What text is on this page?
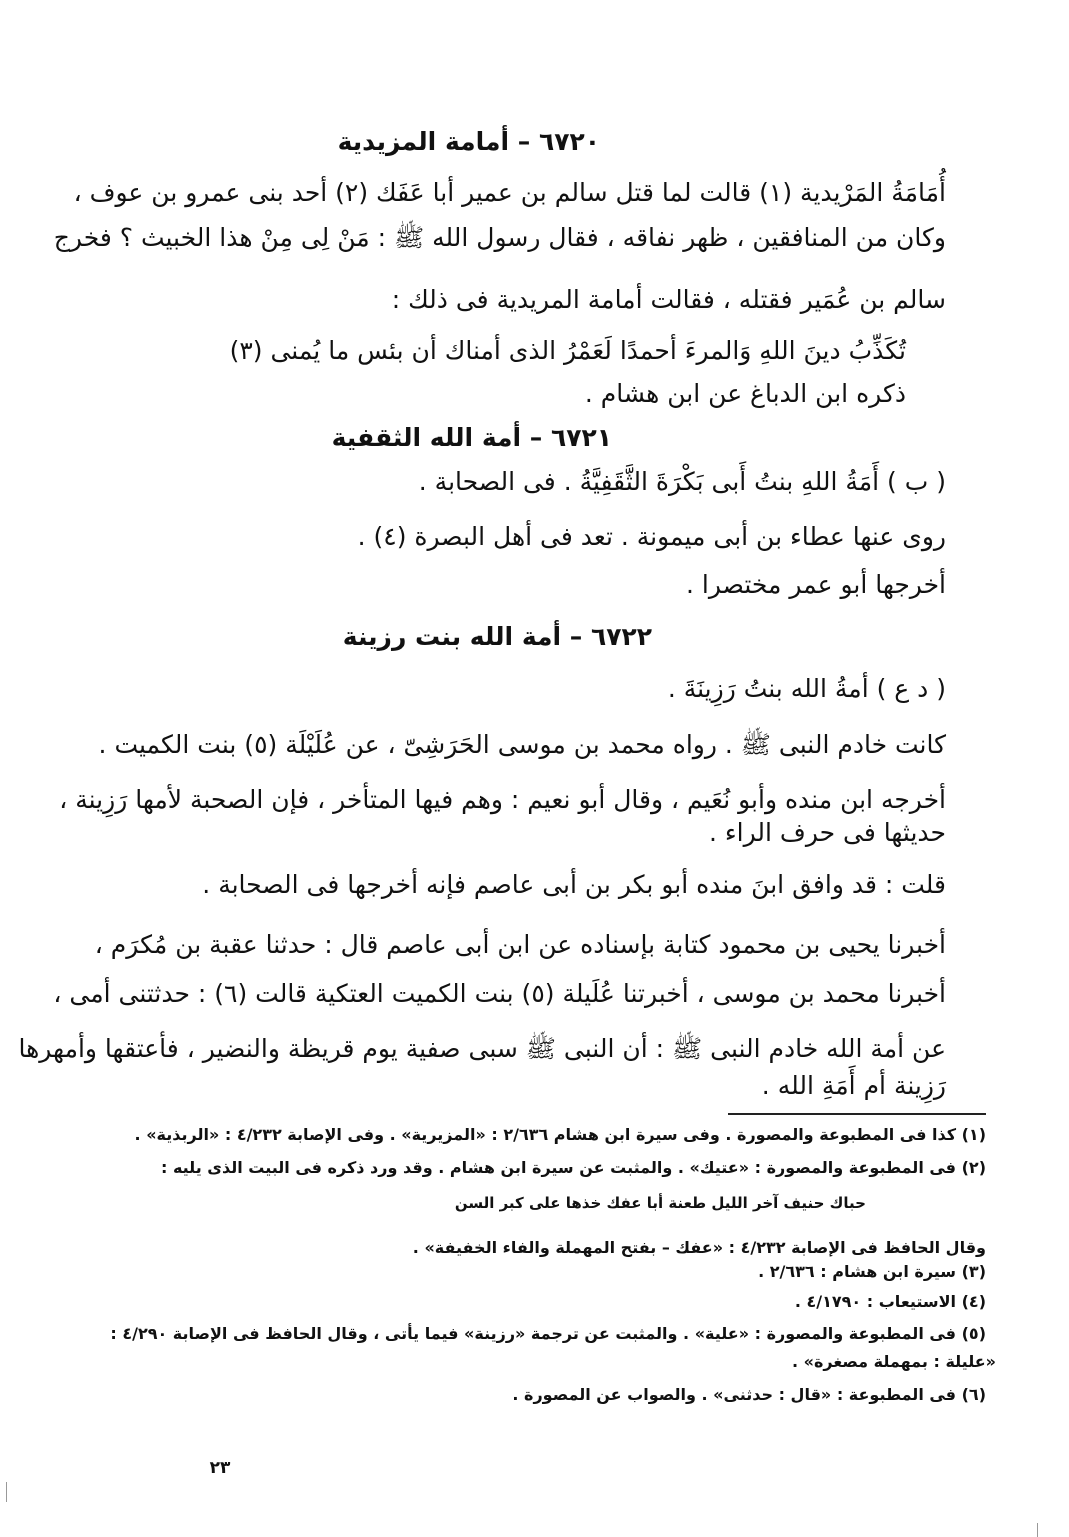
٦٧٢٠ – أمامة المزيدية
أُمَامَةُ المَرْيدية (١) قالت لما قتل سالم بن عمير أبا عَفَك (٢) أحد بنى عمرو بن عوف ،
وكان من المنافقين ، ظهر نفاقه ، فقال رسول الله ﷺ : مَنْ لِى مِنْ هذا الخبيث ؟ فخرج
سالم بن عُمَير فقتله ، فقالت أمامة المريدية فى ذلك :
تُكَذِّبُ دينَ اللهِ وَالمرءَ أحمدًا لَعَمْرُ الذى أمناك أن بئس ما يُمنى (٣)
ذكره ابن الدباغ عن ابن هشام .
٦٧٢١ – أمة الله الثقفية
( ب ) أَمَةُ اللهِ بنتُ أَبى بَكْرَةَ الثَّقَفِيَّةُ . فى الصحابة .
روى عنها عطاء بن أبى ميمونة . تعد فى أهل البصرة (٤) .
أخرجها أبو عمر مختصرا .
٦٧٢٢ – أمة الله بنت رزينة
( د ع ) أمةُ الله بنتُ رَزِينَةَ .
كانت خادم النبى ﷺ . رواه محمد بن موسى الحَرَشِىّ ، عن عُلَيْلَة (٥) بنت الكميت .
أخرجه ابن منده وأبو نُعَيم ، وقال أبو نعيم : وهم فيها المتأخر ، فإن الصحبة لأمها رَزِينة ،
حديثها فى حرف الراء .
قلت : قد وافق ابنَ منده أبو بكر بن أبى عاصم فإنه أخرجها فى الصحابة .
أخبرنا يحيى بن محمود كتابة بإسناده عن ابن أبى عاصم قال : حدثنا عقبة بن مُكرَم ،
أخبرنا محمد بن موسى ، أخبرتنا عُلَيلة (٥) بنت الكميت العتكية قالت (٦) : حدثتنى أمى ،
عن أمة الله خادم النبى ﷺ : أن النبى ﷺ سبى صفية يوم قريظة والنضير ، فأعتقها وأمهرها
رَزِينة أم أَمَةِ الله .
(١) كذا فى المطبوعة والمصورة . وفى سيرة ابن هشام ٢/٦٣٦ : «المزيرية» . وفى الإصابة ٤/٢٣٢ : «الربذية» .
(٢) فى المطبوعة والمصورة : «عتيك» . والمثبت عن سيرة ابن هشام . وقد ورد ذكره فى البيت الذى يليه :
حباك حنيف آخر الليل طعنة أبا عفك خذها على كبر السن
وقال الحافظ فى الإصابة ٤/٢٣٢ : «عفك – بفتح المهملة والفاء الخفيفة» .
(٣) سيرة ابن هشام : ٢/٦٣٦ .
(٤) الاستيعاب : ٤/١٧٩٠ .
(٥) فى المطبوعة والمصورة : «علية» . والمثبت عن ترجمة «رزينة» فيما يأتى ، وقال الحافظ فى الإصابة ٤/٢٩٠ :
«عليلة : بمهملة مصغرة» .
(٦) فى المطبوعة : «قال : حدثنى» . والصواب عن المصورة .
٢٣
